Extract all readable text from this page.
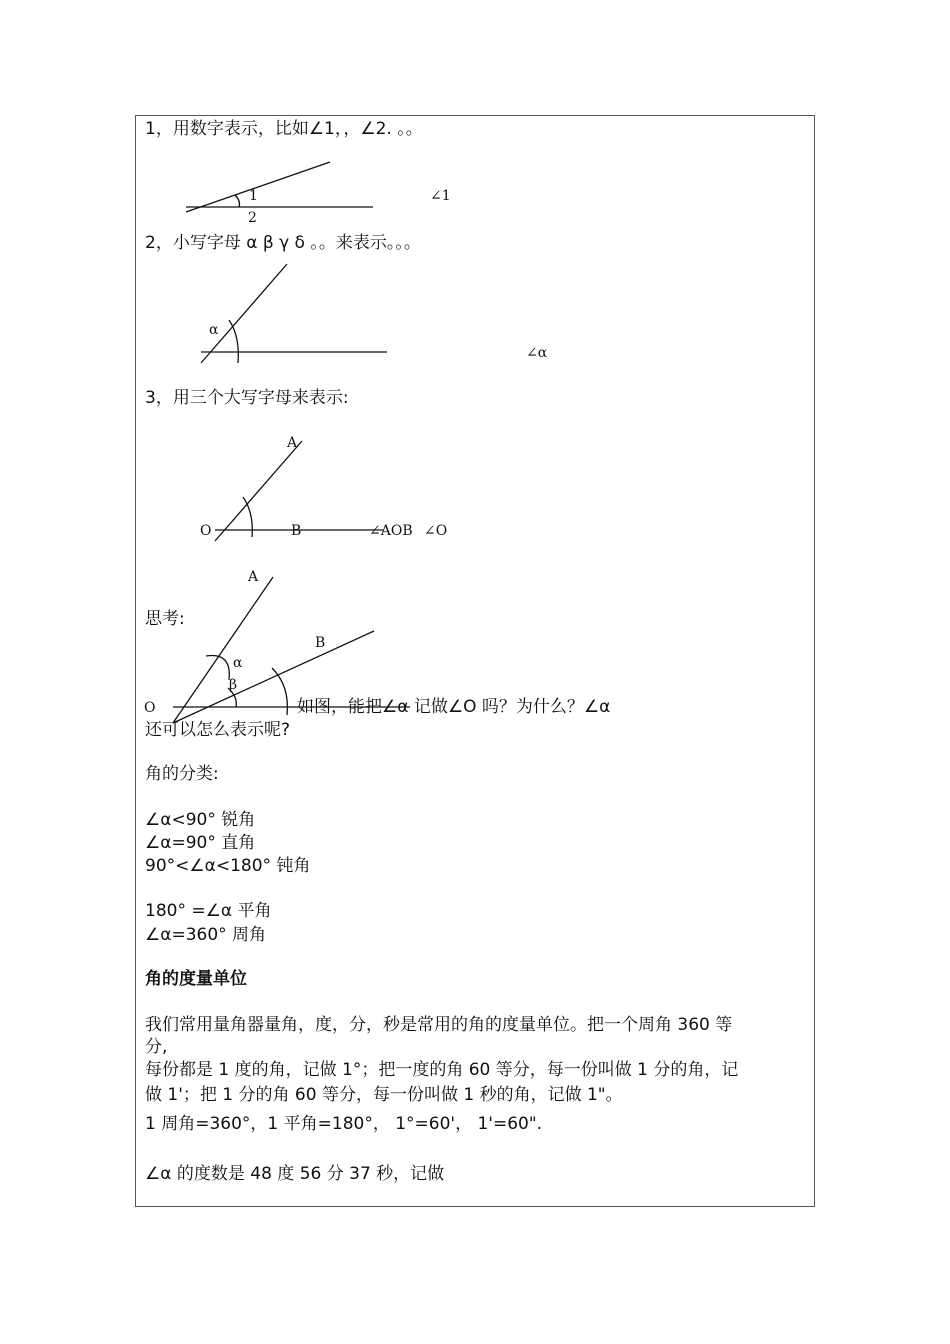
1，用数字表示，比如∠1，，∠2. 。。
1
2
∠1
2，小写字母 α β γ δ 。。来表示。。。
α
∠α
3，用三个大写字母来表示:
A
O	B	∠AOB ∠O
A
思考:
B
α
β
O	如图，能把∠α 记做∠O 吗？为什么？∠α
还可以怎么表示呢?
角的分类:
∠α<90° 锐角
∠α=90° 直角
90°<∠α<180° 钝角
180° =∠α 平角
∠α=360° 周角
角的度量单位
我们常用量角器量角，度，分，秒是常用的角的度量单位。把一个周角 360 等
分,
每份都是 1 度的角，记做 1°；把一度的角 60 等分，每一份叫做 1 分的角，记
做 1'；把 1 分的角 60 等分，每一份叫做 1 秒的角，记做 1"。
1 周角=360°，1 平角=180°， 1°=60'， 1'=60".
∠α 的度数是 48 度 56 分 37 秒，记做
